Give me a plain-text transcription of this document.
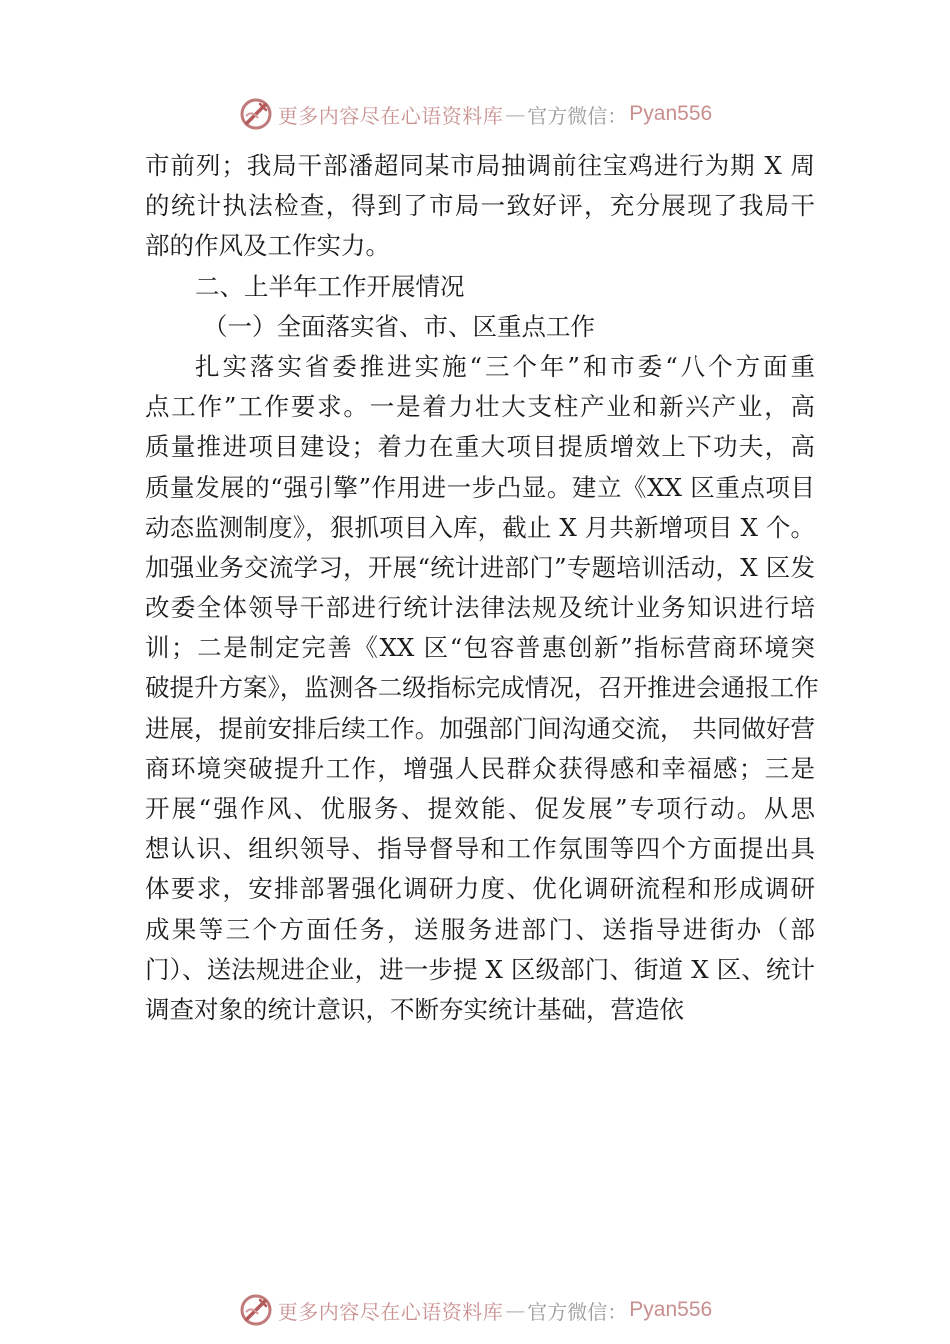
更多内容尽在心语资料库 — 官方微信： Pyan556
市前列；我局干部潘超同某市局抽调前往宝鸡进行为期 X 周
的统计执法检查，得到了市局一致好评，充分展现了我局干
部的作风及工作实力。
二、上半年工作开展情况
（一）全面落实省、市、区重点工作
扎实落实省委推进实施“三个年”和市委“八个方面重
点工作”工作要求。一是着力壮大支柱产业和新兴产业，高
质量推进项目建设；着力在重大项目提质增效上下功夫，高
质量发展的“强引擎”作用进一步凸显。建立《XX 区重点项目
动态监测制度》，狠抓项目入库，截止 X 月共新增项目 X 个。
加强业务交流学习，开展“统计进部门”专题培训活动，X 区发
改委全体领导干部进行统计法律法规及统计业务知识进行培
训；二是制定完善《XX 区“包容普惠创新”指标营商环境突
破提升方案》，监测各二级指标完成情况，召开推进会通报工作
进展，提前安排后续工作。加强部门间沟通交流， 共同做好营
商环境突破提升工作，增强人民群众获得感和幸福感；三是
开展“强作风、优服务、提效能、促发展”专项行动。从思
想认识、组织领导、指导督导和工作氛围等四个方面提出具
体要求，安排部署强化调研力度、优化调研流程和形成调研
成果等三个方面任务，送服务进部门、送指导进街办（部
门）、送法规进企业，进一步提 X 区级部门、街道 X 区、统计
调查对象的统计意识，不断夯实统计基础，营造依
更多内容尽在心语资料库 — 官方微信： Pyan556
